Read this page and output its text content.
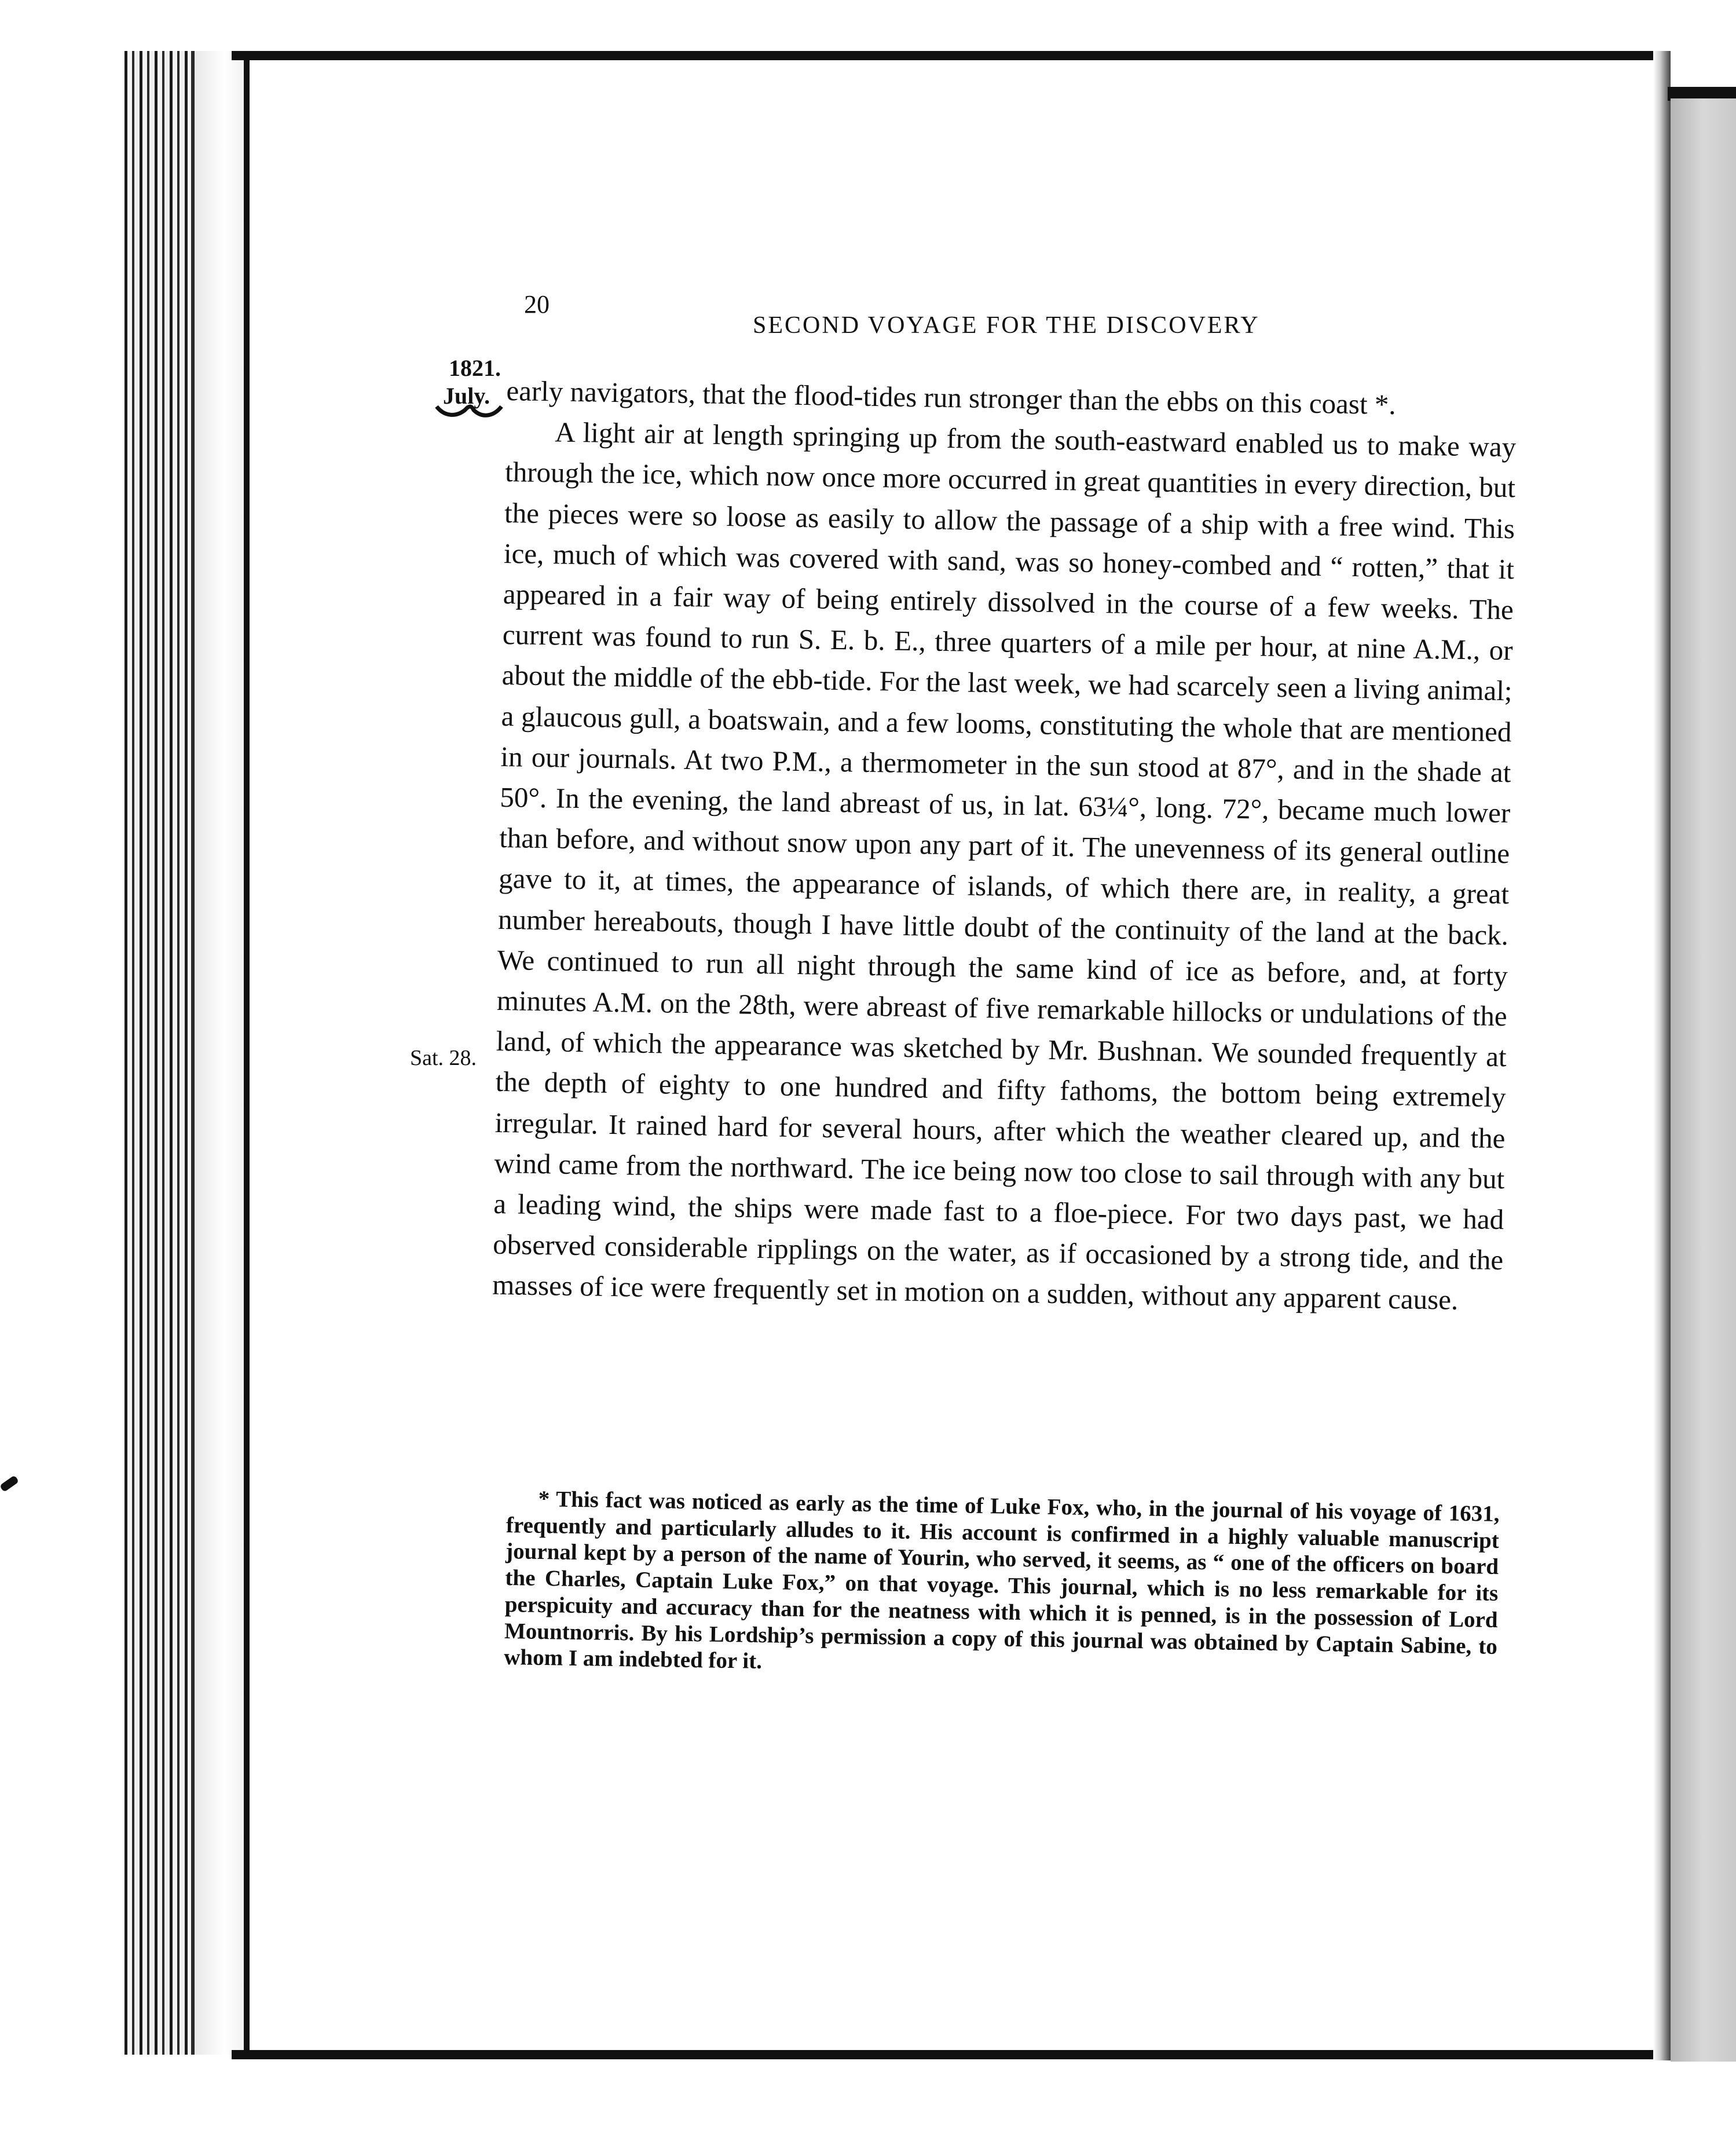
20
SECOND VOYAGE FOR THE DISCOVERY
1821.
July.
Sat. 28.

early navigators, that the flood-tides run stronger than the ebbs on this coast *.

A light air at length springing up from the south-eastward enabled us to make way through the ice, which now once more occurred in great quantities in every direction, but the pieces were so loose as easily to allow the passage of a ship with a free wind. This ice, much of which was covered with sand, was so honey-combed and “ rotten,” that it appeared in a fair way of being entirely dissolved in the course of a few weeks. The current was found to run S. E. b. E., three quarters of a mile per hour, at nine A.M., or about the middle of the ebb-tide. For the last week, we had scarcely seen a living animal; a glaucous gull, a boatswain, and a few looms, constituting the whole that are mentioned in our journals. At two P.M., a thermometer in the sun stood at 87°, and in the shade at 50°. In the evening, the land abreast of us, in lat. 63¼°, long. 72°, became much lower than before, and without snow upon any part of it. The unevenness of its general outline gave to it, at times, the appearance of islands, of which there are, in reality, a great number hereabouts, though I have little doubt of the continuity of the land at the back. We continued to run all night through the same kind of ice as before, and, at forty minutes A.M. on the 28th, were abreast of five remarkable hillocks or undulations of the land, of which the appearance was sketched by Mr. Bushnan. We sounded frequently at the depth of eighty to one hundred and fifty fathoms, the bottom being extremely irregular. It rained hard for several hours, after which the weather cleared up, and the wind came from the northward. The ice being now too close to sail through with any but a leading wind, the ships were made fast to a floe-piece. For two days past, we had observed considerable ripplings on the water, as if occasioned by a strong tide, and the masses of ice were frequently set in motion on a sudden, without any apparent cause.

* This fact was noticed as early as the time of Luke Fox, who, in the journal of his voyage of 1631, frequently and particularly alludes to it. His account is confirmed in a highly valuable manuscript journal kept by a person of the name of Yourin, who served, it seems, as “ one of the officers on board the Charles, Captain Luke Fox,” on that voyage. This journal, which is no less remarkable for its perspicuity and accuracy than for the neatness with which it is penned, is in the possession of Lord Mountnorris. By his Lordship’s permission a copy of this journal was obtained by Captain Sabine, to whom I am indebted for it.
